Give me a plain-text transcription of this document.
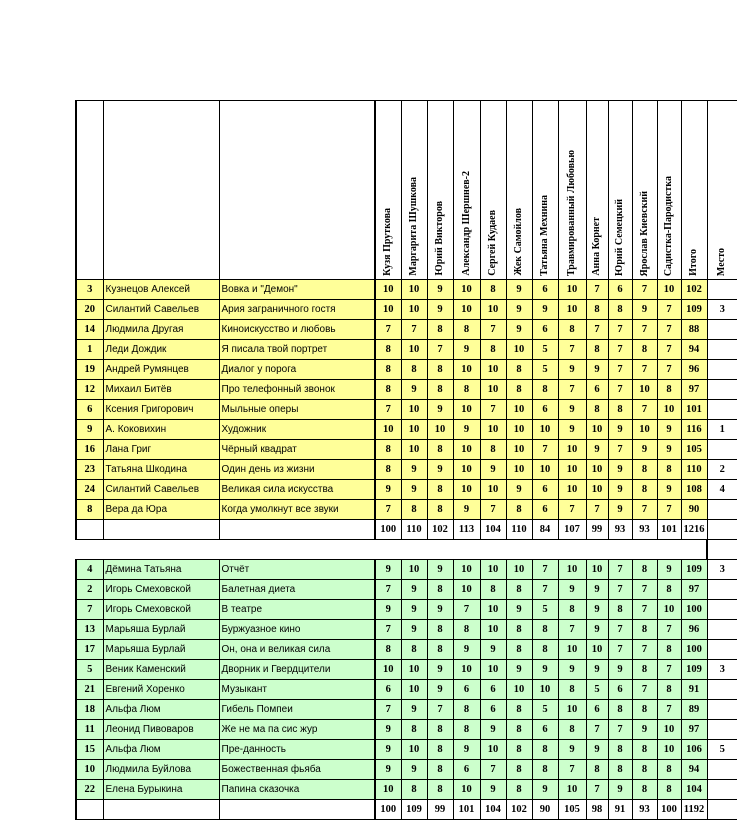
			Кузя Пруткова	Маргарита Шушкова	Юрий Викторов	Александр Шершнев-2	Сергей Кудаев	Жек Самойлов	Татьяна Мехнина	Травмированный Любовью	Анна Корнет	Юрий Семецкий	Ярослав Киевский	Садистка-Пародистка	Итого	Место
3	Кузнецов Алексей	Вовка и "Демон"	10	10	9	10	8	9	6	10	7	6	7	10	102	
20	Силантий Савельев	Ария заграничного гостя	10	10	9	10	10	9	9	10	8	8	9	7	109	3
14	Людмила Другая	Киноискусство и любовь	7	7	8	8	7	9	6	8	7	7	7	7	88	
1	Леди Дождик	Я писала твой портрет	8	10	7	9	8	10	5	7	8	7	8	7	94	
19	Андрей Румянцев	Диалог у порога	8	8	8	10	10	8	5	9	9	7	7	7	96	
12	Михаил Битёв	Про телефонный звонок	8	9	8	8	10	8	8	7	6	7	10	8	97	
6	Ксения Григорович	Мыльные оперы	7	10	9	10	7	10	6	9	8	8	7	10	101	
9	А. Коковихин	Художник	10	10	10	9	10	10	10	9	10	9	10	9	116	1
16	Лана Григ	Чёрный квадрат	8	10	8	10	8	10	7	10	9	7	9	9	105	
23	Татьяна Шкодина	Один день из жизни	8	9	9	10	9	10	10	10	10	9	8	8	110	2
24	Силантий Савельев	Великая сила искусства	9	9	8	10	10	9	6	10	10	9	8	9	108	4
8	Вера да Юра	Когда умолкнут все звуки	7	8	8	9	7	8	6	7	7	9	7	7	90	
			100	110	102	113	104	110	84	107	99	93	93	101	1216	

4	Дёмина Татьяна	Отчёт	9	10	9	10	10	10	7	10	10	7	8	9	109	3
2	Игорь Смеховской	Балетная диета	7	9	8	10	8	8	7	9	9	7	7	8	97	
7	Игорь Смеховской	В театре	9	9	9	7	10	9	5	8	9	8	7	10	100	
13	Марьяша Бурлай	Буржуазное кино	7	9	8	8	10	8	8	7	9	7	8	7	96	
17	Марьяша Бурлай	Он, она и великая сила	8	8	8	9	9	8	8	10	10	7	7	8	100	
5	Веник Каменский	Дворник и Гвердцители	10	10	9	10	10	9	9	9	9	9	8	7	109	3
21	Евгений Хоренко	Музыкант	6	10	9	6	6	10	10	8	5	6	7	8	91	
18	Альфа Люм	Гибель Помпеи	7	9	7	8	6	8	5	10	6	8	8	7	89	
11	Леонид Пивоваров	Же не ма па сис жур	9	8	8	8	9	8	6	8	7	7	9	10	97	
15	Альфа Люм	Пре-данность	9	10	8	9	10	8	8	9	9	8	8	10	106	5
10	Людмила Буйлова	Божественная фьяба	9	9	8	6	7	8	8	7	8	8	8	8	94	
22	Елена Бурыкина	Папина сказочка	10	8	8	10	9	8	9	10	7	9	8	8	104	
			100	109	99	101	104	102	90	105	98	91	93	100	1192	
